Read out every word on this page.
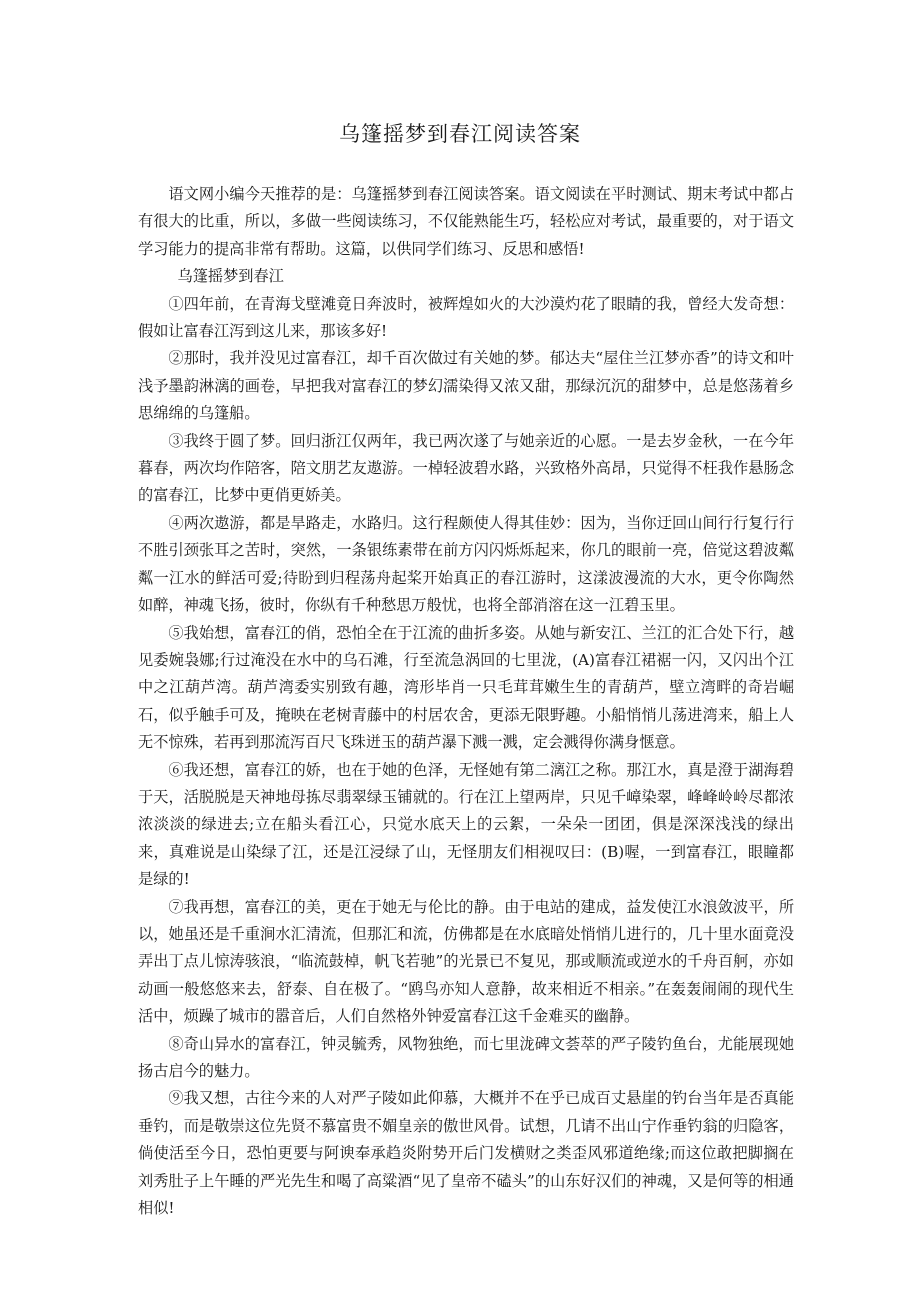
乌篷摇梦到春江阅读答案

语文网小编今天推荐的是：乌篷摇梦到春江阅读答案。语文阅读在平时测试、期末考试中都占有很大的比重，所以，多做一些阅读练习，不仅能熟能生巧，轻松应对考试，最重要的，对于语文学习能力的提高非常有帮助。这篇，以供同学们练习、反思和感悟!

乌篷摇梦到春江

①四年前，在青海戈壁滩竟日奔波时，被辉煌如火的大沙漠灼花了眼睛的我，曾经大发奇想：假如让富春江泻到这儿来，那该多好!

②那时，我并没见过富春江，却千百次做过有关她的梦。郁达夫“屋住兰江梦亦香”的诗文和叶浅予墨韵淋漓的画卷，早把我对富春江的梦幻濡染得又浓又甜，那绿沉沉的甜梦中，总是悠荡着乡思绵绵的乌篷船。

③我终于圆了梦。回归浙江仅两年，我已两次遂了与她亲近的心愿。一是去岁金秋，一在今年暮春，两次均作陪客，陪文朋艺友遨游。一棹轻波碧水路，兴致格外高昂，只觉得不枉我作悬肠念的富春江，比梦中更俏更娇美。

④两次遨游，都是旱路走，水路归。这行程颇使人得其佳妙：因为，当你迂回山间行行复行行不胜引颈张耳之苦时，突然，一条银练素带在前方闪闪烁烁起来，你几的眼前一亮，倍觉这碧波粼粼一江水的鲜活可爱;待盼到归程荡舟起桨开始真正的春江游时，这漾波漫流的大水，更令你陶然如醉，神魂飞扬，彼时，你纵有千种愁思万般忧，也将全部消溶在这一江碧玉里。

⑤我始想，富春江的俏，恐怕全在于江流的曲折多姿。从她与新安江、兰江的汇合处下行，越见委婉袅娜;行过淹没在水中的乌石滩，行至流急涡回的七里泷，(A)富春江裙裾一闪，又闪出个江中之江葫芦湾。葫芦湾委实别致有趣，湾形毕肖一只毛茸茸嫩生生的青葫芦，壁立湾畔的奇岩崛石，似乎触手可及，掩映在老树青藤中的村居农舍，更添无限野趣。小船悄悄儿荡进湾来，船上人无不惊殊，若再到那流泻百尺飞珠迸玉的葫芦瀑下溅一溅，定会溅得你满身惬意。

⑥我还想，富春江的娇，也在于她的色泽，无怪她有第二漓江之称。那江水，真是澄于湖海碧于天，活脱脱是天神地母拣尽翡翠绿玉铺就的。行在江上望两岸，只见千嶂染翠，峰峰岭岭尽都浓浓淡淡的绿进去;立在船头看江心，只觉水底天上的云絮，一朵朵一团团，俱是深深浅浅的绿出来，真难说是山染绿了江，还是江浸绿了山，无怪朋友们相视叹曰：(B)喔，一到富春江，眼瞳都是绿的!

⑦我再想，富春江的美，更在于她无与伦比的静。由于电站的建成，益发使江水浪敛波平，所以，她虽还是千重涧水汇清流，但那汇和流，仿佛都是在水底暗处悄悄儿进行的，几十里水面竟没弄出丁点儿惊涛骇浪，“临流鼓棹，帆飞若驰”的光景已不复见，那或顺流或逆水的千舟百舸，亦如动画一般悠悠来去，舒泰、自在极了。“鸥鸟亦知人意静，故来相近不相亲。”在轰轰闹闹的现代生活中，烦躁了城市的嚣音后，人们自然格外钟爱富春江这千金难买的幽静。

⑧奇山异水的富春江，钟灵毓秀，风物独绝，而七里泷碑文荟萃的严子陵钓鱼台，尤能展现她扬古启今的魅力。

⑨我又想，古往今来的人对严子陵如此仰慕，大概并不在乎已成百丈悬崖的钓台当年是否真能垂钓，而是敬崇这位先贤不慕富贵不媚皇亲的傲世风骨。试想，几请不出山宁作垂钓翁的归隐客，倘使活至今日，恐怕更要与阿谀奉承趋炎附势开后门发横财之类歪风邪道绝缘;而这位敢把脚搁在刘秀肚子上午睡的严光先生和喝了高粱酒“见了皇帝不磕头”的山东好汉们的神魂，又是何等的相通相似!
